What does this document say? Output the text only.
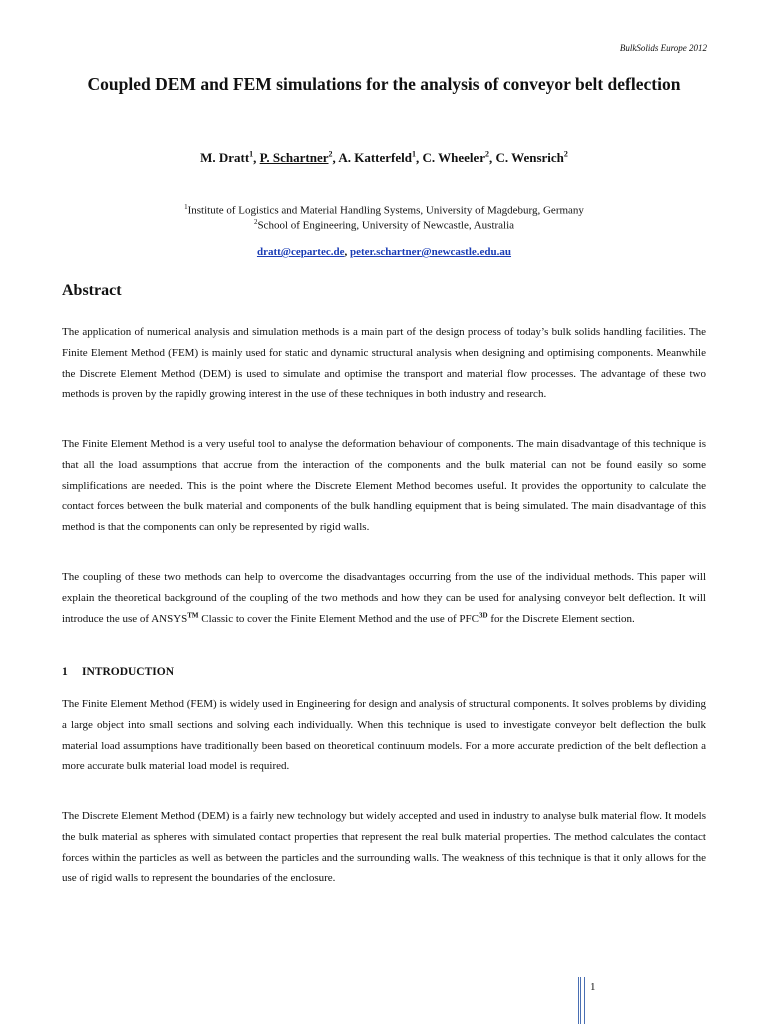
BulkSolids Europe 2012
Coupled DEM and FEM simulations for the analysis of conveyor belt deflection
M. Dratt$^1$, P. Schartner$^2$, A. Katterfeld$^1$, C. Wheeler$^2$, C. Wensrich$^2$
$^1$Institute of Logistics and Material Handling Systems, University of Magdeburg, Germany
$^2$School of Engineering, University of Newcastle, Australia
dratt@cepartec.de, peter.schartner@newcastle.edu.au
Abstract

The application of numerical analysis and simulation methods is a main part of the design process of today’s bulk solids handling facilities. The Finite Element Method (FEM) is mainly used for static and dynamic structural analysis when designing and optimising components. Meanwhile the Discrete Element Method (DEM) is used to simulate and optimise the transport and material flow processes. The advantage of these two methods is proven by the rapidly growing interest in the use of these techniques in both industry and research.

The Finite Element Method is a very useful tool to analyse the deformation behaviour of components. The main disadvantage of this technique is that all the load assumptions that accrue from the interaction of the components and the bulk material can not be found easily so some simplifications are needed. This is the point where the Discrete Element Method becomes useful. It provides the opportunity to calculate the contact forces between the bulk material and components of the bulk handling equipment that is being simulated. The main disadvantage of this method is that the components can only be represented by rigid walls.

The coupling of these two methods can help to overcome the disadvantages occurring from the use of the individual methods. This paper will explain the theoretical background of the coupling of the two methods and how they can be used for analysing conveyor belt deflection. It will introduce the use of ANSYS™ Classic to cover the Finite Element Method and the use of $PFC^{3D}$ for the Discrete Element section.

1 INTRODUCTION

The Finite Element Method (FEM) is widely used in Engineering for design and analysis of structural components. It solves problems by dividing a large object into small sections and solving each individually. When this technique is used to investigate conveyor belt deflection the bulk material load assumptions have traditionally been based on theoretical continuum models. For a more accurate prediction of the belt deflection a more accurate bulk material load model is required.

The Discrete Element Method (DEM) is a fairly new technology but widely accepted and used in industry to analyse bulk material flow. It models the bulk material as spheres with simulated contact properties that represent the real bulk material properties. The method calculates the contact forces within the particles as well as between the particles and the surrounding walls. The weakness of this technique is that it only allows for the use of rigid walls to represent the boundaries of the enclosure.

1
